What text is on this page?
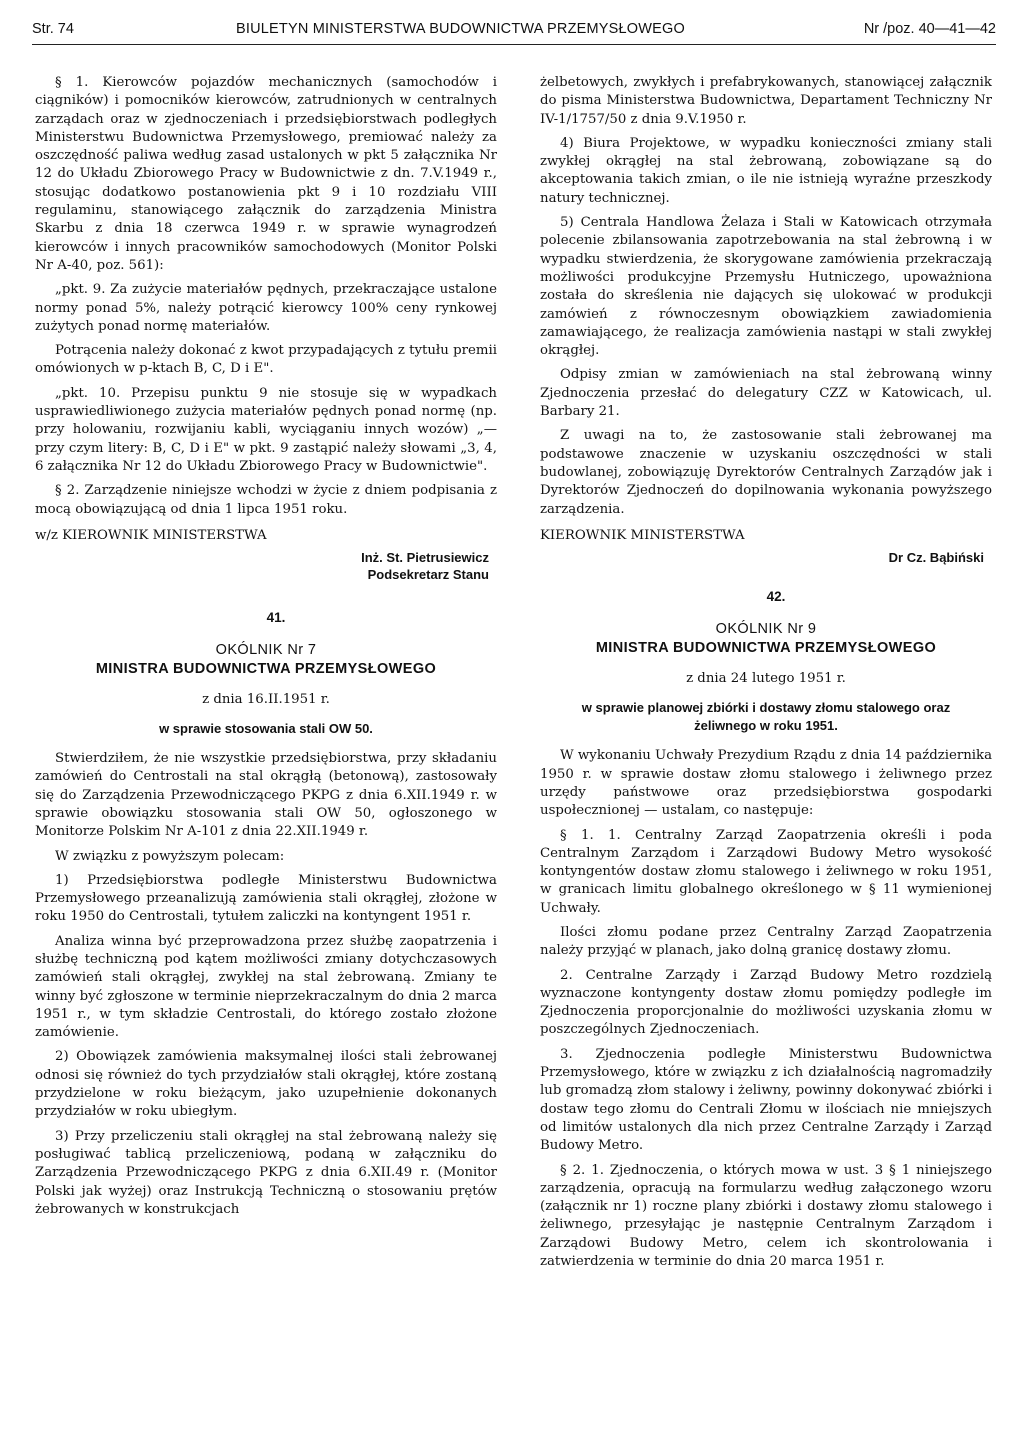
Str. 74	BIULETYN MINISTERSTWA BUDOWNICTWA PRZEMYSŁOWEGO	Nr /poz. 40—41—42

§ 1. Kierowców pojazdów mechanicznych (samochodów i ciągników) i pomocników kierowców, zatrudnionych w centralnych zarządach oraz w zjednoczeniach i przedsiębiorstwach podległych Ministerstwu Budownictwa Przemysłowego, premiować należy za oszczędność paliwa według zasad ustalonych w pkt 5 załącznika Nr 12 do Układu Zbiorowego Pracy w Budownictwie z dn. 7.V.1949 r., stosując dodatkowo postanowienia pkt 9 i 10 rozdziału VIII regulaminu, stanowiącego załącznik do zarządzenia Ministra Skarbu z dnia 18 czerwca 1949 r. w sprawie wynagrodzeń kierowców i innych pracowników samochodowych (Monitor Polski Nr A-40, poz. 561):

„pkt. 9. Za zużycie materiałów pędnych, przekraczające ustalone normy ponad 5%, należy potrącić kierowcy 100% ceny rynkowej zużytych ponad normę materiałów.

Potrącenia należy dokonać z kwot przypadających z tytułu premii omówionych w p-ktach B, C, D i E".

„pkt. 10. Przepisu punktu 9 nie stosuje się w wypadkach usprawiedliwionego zużycia materiałów pędnych ponad normę (np. przy holowaniu, rozwijaniu kabli, wyciąganiu innych wozów) „— przy czym litery: B, C, D i E" w pkt. 9 zastąpić należy słowami „3, 4, 6 załącznika Nr 12 do Układu Zbiorowego Pracy w Budownictwie".

§ 2. Zarządzenie niniejsze wchodzi w życie z dniem podpisania z mocą obowiązującą od dnia 1 lipca 1951 roku.

w/z KIEROWNIK MINISTERSTWA

Inż. St. Pietrusiewicz

Podsekretarz Stanu

41.

OKÓLNIK Nr 7

MINISTRA BUDOWNICTWA PRZEMYSŁOWEGO

z dnia 16.II.1951 r.

w sprawie stosowania stali OW 50.

Stwierdziłem, że nie wszystkie przedsiębiorstwa, przy składaniu zamówień do Centrostali na stal okrągłą (betonową), zastosowały się do Zarządzenia Przewodniczącego PKPG z dnia 6.XII.1949 r. w sprawie obowiązku stosowania stali OW 50, ogłoszonego w Monitorze Polskim Nr A-101 z dnia 22.XII.1949 r.

W związku z powyższym polecam:

1) Przedsiębiorstwa podległe Ministerstwu Budownictwa Przemysłowego przeanalizują zamówienia stali okrągłej, złożone w roku 1950 do Centrostali, tytułem zaliczki na kontyngent 1951 r.

Analiza winna być przeprowadzona przez służbę zaopatrzenia i służbę techniczną pod kątem możliwości zmiany dotychczasowych zamówień stali okrągłej, zwykłej na stal żebrowaną. Zmiany te winny być zgłoszone w terminie nieprzekraczalnym do dnia 2 marca 1951 r., w tym składzie Centrostali, do którego zostało złożone zamówienie.

2) Obowiązek zamówienia maksymalnej ilości stali żebrowanej odnosi się również do tych przydziałów stali okrągłej, które zostaną przydzielone w roku bieżącym, jako uzupełnienie dokonanych przydziałów w roku ubiegłym.

3) Przy przeliczeniu stali okrągłej na stal żebrowaną należy się posługiwać tablicą przeliczeniową, podaną w załączniku do Zarządzenia Przewodniczącego PKPG z dnia 6.XII.49 r. (Monitor Polski jak wyżej) oraz Instrukcją Techniczną o stosowaniu prętów żebrowanych w konstrukcjach

żelbetowych, zwykłych i prefabrykowanych, stanowiącej załącznik do pisma Ministerstwa Budownictwa, Departament Techniczny Nr IV-1/1757/50 z dnia 9.V.1950 r.

4) Biura Projektowe, w wypadku konieczności zmiany stali zwykłej okrągłej na stal żebrowaną, zobowiązane są do akceptowania takich zmian, o ile nie istnieją wyraźne przeszkody natury technicznej.

5) Centrala Handlowa Żelaza i Stali w Katowicach otrzymała polecenie zbilansowania zapotrzebowania na stal żebrowną i w wypadku stwierdzenia, że skorygowane zamówienia przekraczają możliwości produkcyjne Przemysłu Hutniczego, upoważniona została do skreślenia nie dających się ulokować w produkcji zamówień z równoczesnym obowiązkiem zawiadomienia zamawiającego, że realizacja zamówienia nastąpi w stali zwykłej okrągłej.

Odpisy zmian w zamówieniach na stal żebrowaną winny Zjednoczenia przesłać do delegatury CZZ w Katowicach, ul. Barbary 21.

Z uwagi na to, że zastosowanie stali żebrowanej ma podstawowe znaczenie w uzyskaniu oszczędności w stali budowlanej, zobowiązuję Dyrektorów Centralnych Zarządów jak i Dyrektorów Zjednoczeń do dopilnowania wykonania powyższego zarządzenia.

KIEROWNIK MINISTERSTWA

Dr Cz. Bąbiński

42.

OKÓLNIK Nr 9

MINISTRA BUDOWNICTWA PRZEMYSŁOWEGO

z dnia 24 lutego 1951 r.

w sprawie planowej zbiórki i dostawy złomu stalowego oraz żeliwnego w roku 1951.

W wykonaniu Uchwały Prezydium Rządu z dnia 14 października 1950 r. w sprawie dostaw złomu stalowego i żeliwnego przez urzędy państwowe oraz przedsiębiorstwa gospodarki uspołecznionej — ustalam, co następuje:

§ 1. 1. Centralny Zarząd Zaopatrzenia określi i poda Centralnym Zarządom i Zarządowi Budowy Metro wysokość kontyngentów dostaw złomu stalowego i żeliwnego w roku 1951, w granicach limitu globalnego określonego w § 11 wymienionej Uchwały.

Ilości złomu podane przez Centralny Zarząd Zaopatrzenia należy przyjąć w planach, jako dolną granicę dostawy złomu.

2. Centralne Zarządy i Zarząd Budowy Metro rozdzielą wyznaczone kontyngenty dostaw złomu pomiędzy podległe im Zjednoczenia proporcjonalnie do możliwości uzyskania złomu w poszczególnych Zjednoczeniach.

3. Zjednoczenia podległe Ministerstwu Budownictwa Przemysłowego, które w związku z ich działalnością nagromadziły lub gromadzą złom stalowy i żeliwny, powinny dokonywać zbiórki i dostaw tego złomu do Centrali Złomu w ilościach nie mniejszych od limitów ustalonych dla nich przez Centralne Zarządy i Zarząd Budowy Metro.

§ 2. 1. Zjednoczenia, o których mowa w ust. 3 § 1 niniejszego zarządzenia, opracują na formularzu według załączonego wzoru (załącznik nr 1) roczne plany zbiórki i dostawy złomu stalowego i żeliwnego, przesyłając je następnie Centralnym Zarządom i Zarządowi Budowy Metro, celem ich skontrolowania i zatwierdzenia w terminie do dnia 20 marca 1951 r.
